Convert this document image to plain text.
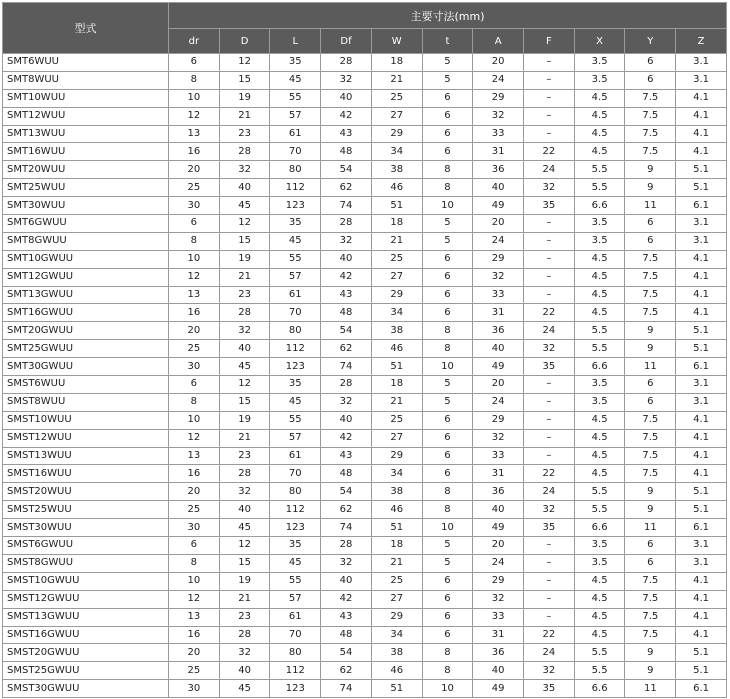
型式	主要寸法(mm)										
	dr	D	L	Df	W	t	A	F	X	Y	Z
SMT6WUU	6	12	35	28	18	5	20	–	3.5	6	3.1
SMT8WUU	8	15	45	32	21	5	24	–	3.5	6	3.1
SMT10WUU	10	19	55	40	25	6	29	–	4.5	7.5	4.1
SMT12WUU	12	21	57	42	27	6	32	–	4.5	7.5	4.1
SMT13WUU	13	23	61	43	29	6	33	–	4.5	7.5	4.1
SMT16WUU	16	28	70	48	34	6	31	22	4.5	7.5	4.1
SMT20WUU	20	32	80	54	38	8	36	24	5.5	9	5.1
SMT25WUU	25	40	112	62	46	8	40	32	5.5	9	5.1
SMT30WUU	30	45	123	74	51	10	49	35	6.6	11	6.1
SMT6GWUU	6	12	35	28	18	5	20	–	3.5	6	3.1
SMT8GWUU	8	15	45	32	21	5	24	–	3.5	6	3.1
SMT10GWUU	10	19	55	40	25	6	29	–	4.5	7.5	4.1
SMT12GWUU	12	21	57	42	27	6	32	–	4.5	7.5	4.1
SMT13GWUU	13	23	61	43	29	6	33	–	4.5	7.5	4.1
SMT16GWUU	16	28	70	48	34	6	31	22	4.5	7.5	4.1
SMT20GWUU	20	32	80	54	38	8	36	24	5.5	9	5.1
SMT25GWUU	25	40	112	62	46	8	40	32	5.5	9	5.1
SMT30GWUU	30	45	123	74	51	10	49	35	6.6	11	6.1
SMST6WUU	6	12	35	28	18	5	20	–	3.5	6	3.1
SMST8WUU	8	15	45	32	21	5	24	–	3.5	6	3.1
SMST10WUU	10	19	55	40	25	6	29	–	4.5	7.5	4.1
SMST12WUU	12	21	57	42	27	6	32	–	4.5	7.5	4.1
SMST13WUU	13	23	61	43	29	6	33	–	4.5	7.5	4.1
SMST16WUU	16	28	70	48	34	6	31	22	4.5	7.5	4.1
SMST20WUU	20	32	80	54	38	8	36	24	5.5	9	5.1
SMST25WUU	25	40	112	62	46	8	40	32	5.5	9	5.1
SMST30WUU	30	45	123	74	51	10	49	35	6.6	11	6.1
SMST6GWUU	6	12	35	28	18	5	20	–	3.5	6	3.1
SMST8GWUU	8	15	45	32	21	5	24	–	3.5	6	3.1
SMST10GWUU	10	19	55	40	25	6	29	–	4.5	7.5	4.1
SMST12GWUU	12	21	57	42	27	6	32	–	4.5	7.5	4.1
SMST13GWUU	13	23	61	43	29	6	33	–	4.5	7.5	4.1
SMST16GWUU	16	28	70	48	34	6	31	22	4.5	7.5	4.1
SMST20GWUU	20	32	80	54	38	8	36	24	5.5	9	5.1
SMST25GWUU	25	40	112	62	46	8	40	32	5.5	9	5.1
SMST30GWUU	30	45	123	74	51	10	49	35	6.6	11	6.1
